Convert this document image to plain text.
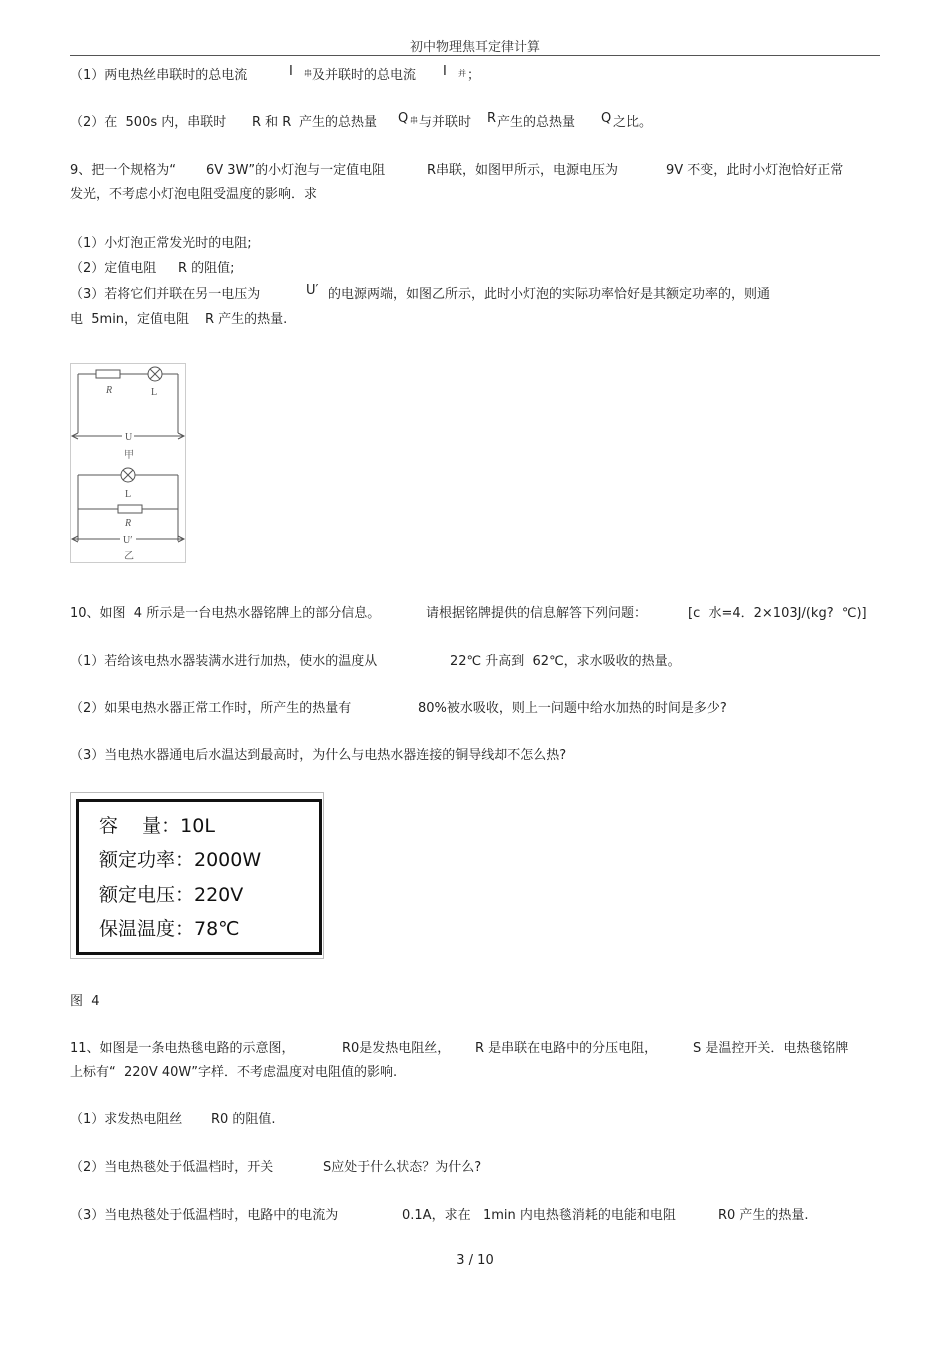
初中物理焦耳定律计算
（1）两电热丝串联时的总电流	I 串 及并联时的总电流 I 并 ；
（2）在  500s 内，串联时 R 和 R 产生的总热量 Q 串 与并联时 R 产生的总热量 Q 之比。
9、把一个规格为“ 6V 3W”的小灯泡与一定值电阻	R串联，如图甲所示，电源电压为	9V 不变，此时小灯泡恰好正常
发光，不考虑小灯泡电阻受温度的影响．求
（1）小灯泡正常发光时的电阻;
（2）定值电阻 R 的阻值;
（3）若将它们并联在另一电压为	U′ 的电源两端，如图乙所示，此时小灯泡的实际功率恰好是其额定功率的，则通
电  5min，定值电阻 R 产生的热量.
R	L
U
甲
L
R
U′
乙
10、如图  4 所示是一台电热水器铭牌上的部分信息。	请根据铭牌提供的信息解答下列问题：	[c  水=4．2×103J/(kg?  ℃)]
（1）若给该电热水器装满水进行加热，使水的温度从	22℃ 升高到  62℃，求水吸收的热量。
（2）如果电热水器正常工作时，所产生的热量有	80%被水吸收，则上一问题中给水加热的时间是多少?
（3）当电热水器通电后水温达到最高时，为什么与电热水器连接的铜导线却不怎么热?
容    量：10L
额定功率：2000W
额定电压：220V
保温温度：78℃
图  4
11、如图是一条电热毯电路的示意图，	R0是发热电阻丝， R 是串联在电路中的分压电阻，	S 是温控开关．电热毯铭牌
上标有“  220V 40W”字样．不考虑温度对电阻值的影响.
（1）求发热电阻丝 R0 的阻值.
（2）当电热毯处于低温档时，开关	S应处于什么状态？为什么?
（3）当电热毯处于低温档时，电路中的电流为	0.1A，求在   1min 内电热毯消耗的电能和电阻	R0 产生的热量.
3 / 10
